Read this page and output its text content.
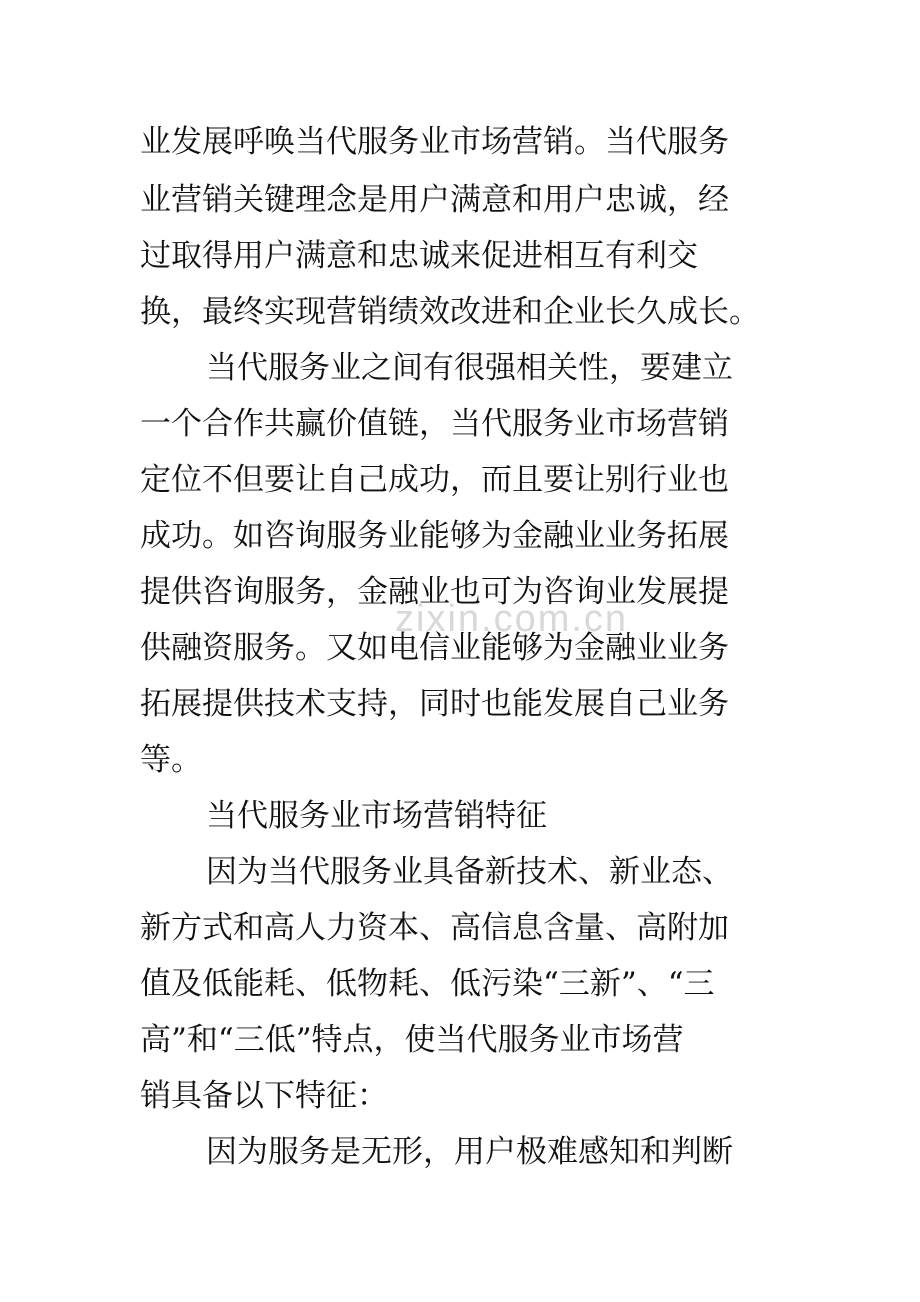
zixin.com.cn
业发展呼唤当代服务业市场营销。当代服务
业营销关键理念是用户满意和用户忠诚，经
过取得用户满意和忠诚来促进相互有利交
换，最终实现营销绩效改进和企业长久成长。
当代服务业之间有很强相关性，要建立
一个合作共赢价值链，当代服务业市场营销
定位不但要让自己成功，而且要让别行业也
成功。如咨询服务业能够为金融业业务拓展
提供咨询服务，金融业也可为咨询业发展提
供融资服务。又如电信业能够为金融业业务
拓展提供技术支持，同时也能发展自己业务
等。
当代服务业市场营销特征
因为当代服务业具备新技术、新业态、
新方式和高人力资本、高信息含量、高附加
值及低能耗、低物耗、低污染“三新”、“三
高”和“三低”特点，使当代服务业市场营
销具备以下特征：
因为服务是无形，用户极难感知和判断
